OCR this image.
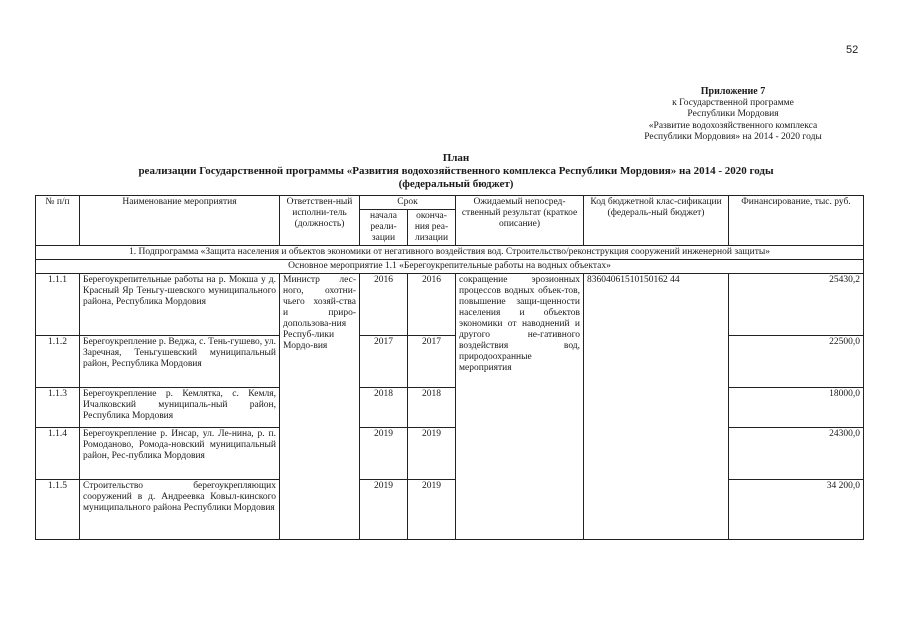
52
Приложение 7
к Государственной программе
Республики Мордовия
«Развитие водохозяйственного комплекса
Республики Мордовия» на 2014 - 2020 годы
План
реализации Государственной программы «Развития водохозяйственного комплекса Республики Мордовия» на 2014 - 2020 годы
(федеральный бюджет)
№ п/п	Наименование мероприятия	Ответствен-ный исполни-тель (должность)	Срок		Ожидаемый непосред-ственный результат (краткое описание)	Код бюджетной клас-сификации (федераль-ный бюджет)	Финансирование, тыс. руб.
			начала реали-зации	оконча-ния реа-лизации			
1. Подпрограмма «Защита населения и объектов экономики от негативного воздействия вод. Строительство/реконструкция сооружений инженерной защиты»							
Основное мероприятие 1.1 «Берегоукрепительные работы на водных объектах»							
1.1.1	Берегоукрепительные работы на р. Мокша у д. Красный Яр Теньгу-шевского муниципального района, Республика Мордовия	Министр лес-ного, охотни-чьего хозяй-ства и приро-допользова-ния Респуб-лики Мордо-вия	2016	2016	сокращение эрозионных процессов водных объек-тов, повышение защи-щенности населения и объектов экономики от наводнений и другого не-гативного воздействия вод, природоохранные мероприятия	83604061510150162 44	25430,2
1.1.2	Берегоукрепление р. Веджа, с. Тень-гушево, ул. Заречная, Теньгушевский муниципальный район, Республика Мордовия		2017	2017			22500,0
1.1.3	Берегоукрепление р. Кемлятка, с. Кемля, Ичалковский муниципаль-ный район, Республика Мордовия		2018	2018			18000,0
1.1.4	Берегоукрепление р. Инсар, ул. Ле-нина, р. п. Ромоданово, Ромода-новский муниципальный район, Рес-публика Мордовия		2019	2019			24300,0
1.1.5	Строительство берегоукрепляющих сооружений в д. Андреевка Ковыл-кинского муниципального района Республики Мордовия		2019	2019			34 200,0
